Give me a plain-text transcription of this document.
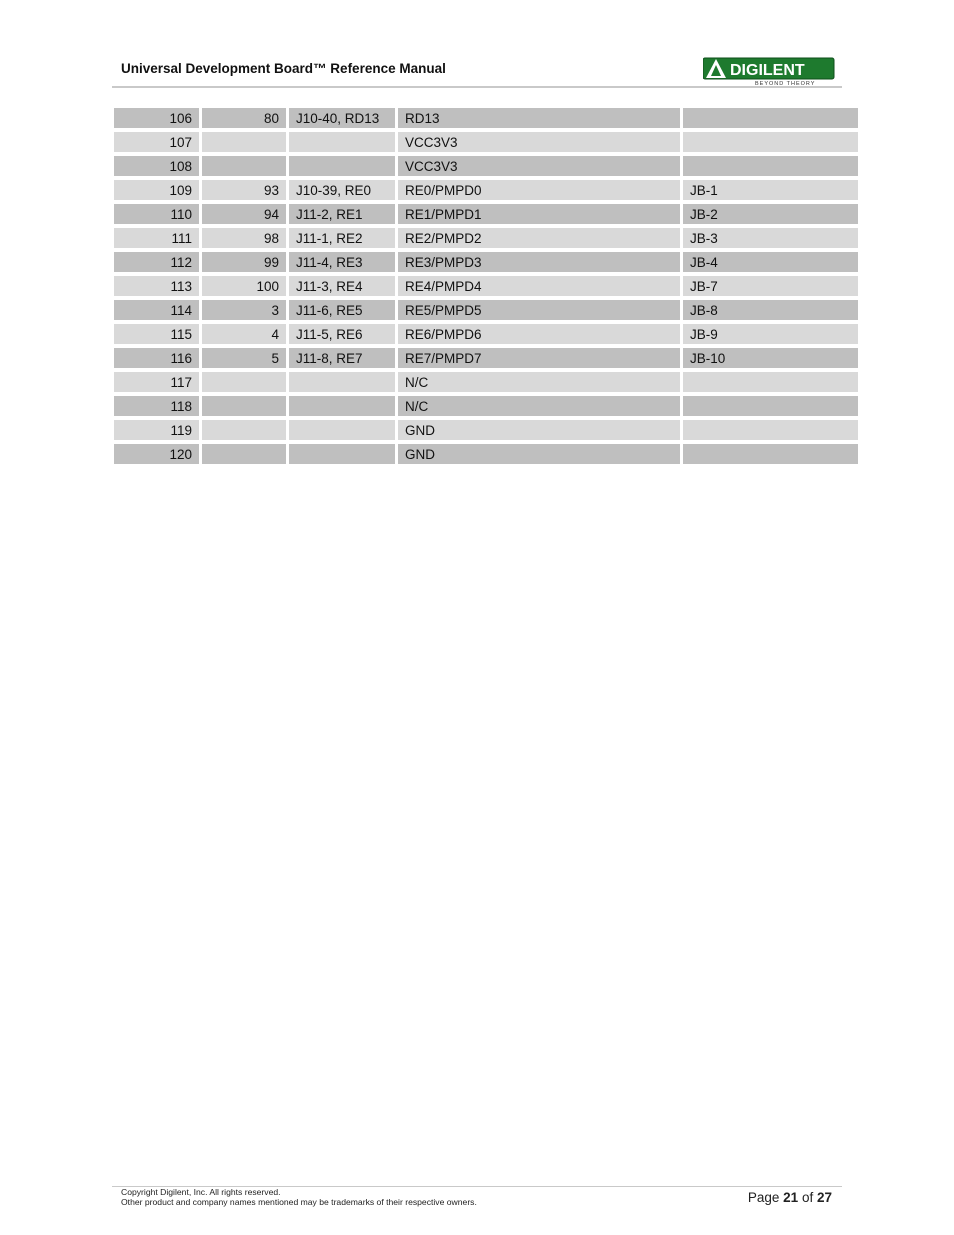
Universal Development Board™ Reference Manual	DIGILENT
BEYOND THEORY
106	80	J10-40, RD13	RD13	
107			VCC3V3	
108			VCC3V3	
109	93	J10-39, RE0	RE0/PMPD0	JB-1
110	94	J11-2, RE1	RE1/PMPD1	JB-2
111	98	J11-1, RE2	RE2/PMPD2	JB-3
112	99	J11-4, RE3	RE3/PMPD3	JB-4
113	100	J11-3, RE4	RE4/PMPD4	JB-7
114	3	J11-6, RE5	RE5/PMPD5	JB-8
115	4	J11-5, RE6	RE6/PMPD6	JB-9
116	5	J11-8, RE7	RE7/PMPD7	JB-10
117			N/C	
118			N/C	
119			GND	
120			GND	
Copyright Digilent, Inc. All rights reserved.
Other product and company names mentioned may be trademarks of their respective owners.	Page 21 of 27
